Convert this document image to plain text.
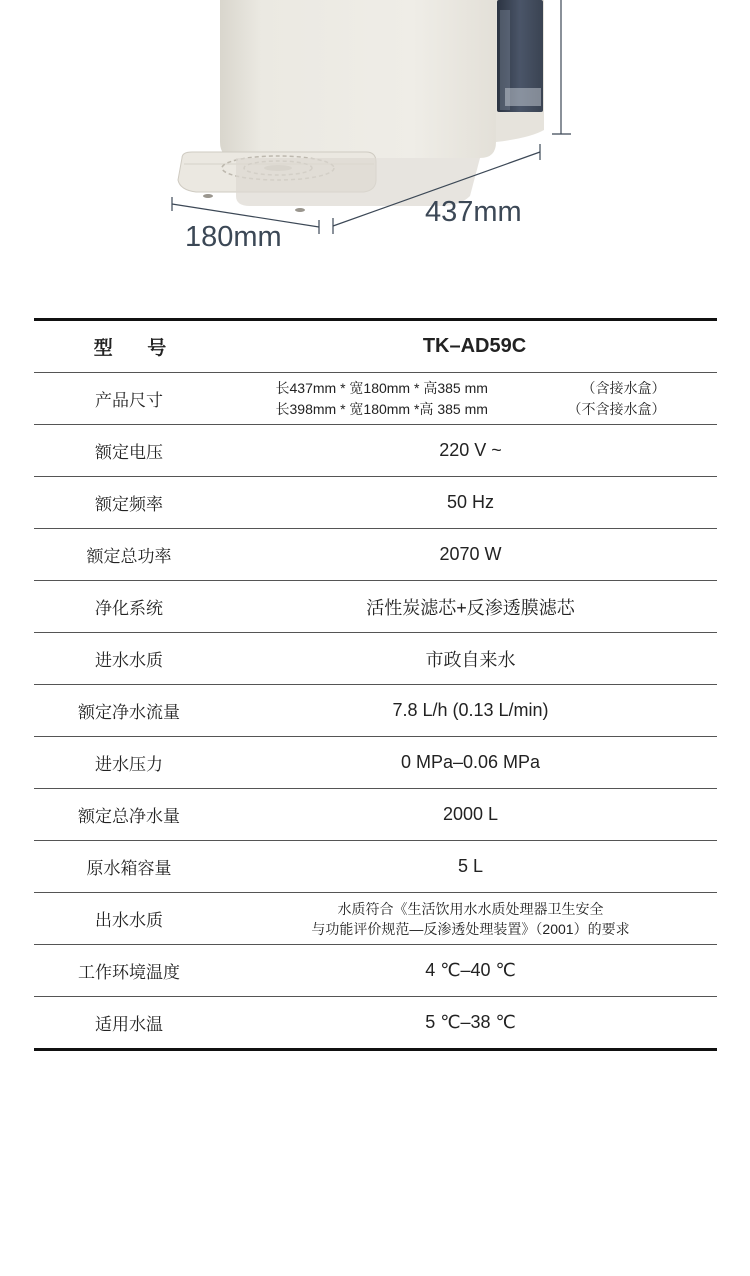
437mm
180mm
型 号	TK–AD59C
产品尺寸
长437mm * 宽180mm * 高385 mm	（含接水盒）
长398mm * 宽180mm *高 385 mm	（不含接水盒）
额定电压	220 V ~
额定频率	50 Hz
额定总功率	2070 W
净化系统	活性炭滤芯+反渗透膜滤芯
进水水质	市政自来水
额定净水流量	7.8 L/h (0.13 L/min)
进水压力	0 MPa–0.06 MPa
额定总净水量	2000 L
原水箱容量	5 L
出水水质
水质符合《生活饮用水水质处理器卫生安全
与功能评价规范—反渗透处理装置》（2001）的要求
工作环境温度	4 ℃–40 ℃
适用水温	5 ℃–38 ℃
